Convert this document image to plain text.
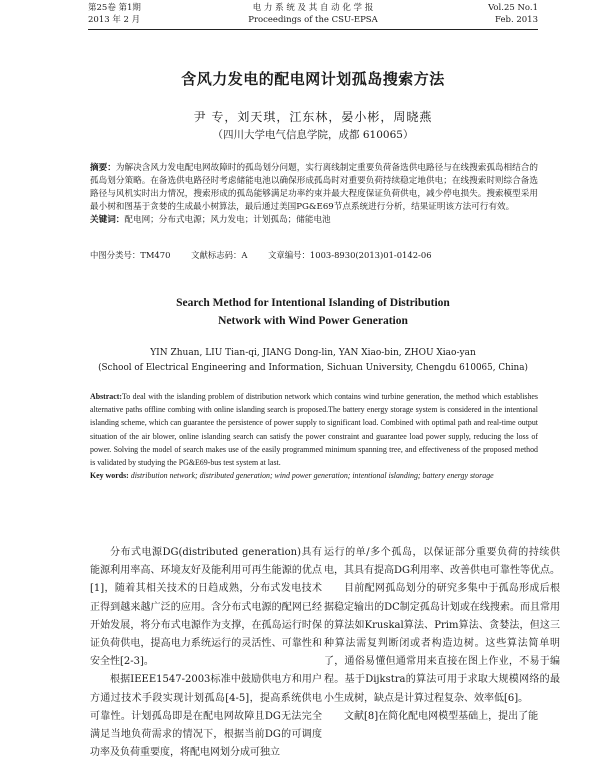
第25卷 第1期
2013 年 2 月
电 力 系 统 及 其 自 动 化 学 报
Proceedings of the CSU-EPSA
Vol.25 No.1
Feb. 2013
含风力发电的配电网计划孤岛搜索方法
尹 专，刘天琪，江东林，晏小彬，周晓燕
（四川大学电气信息学院，成都 610065）
摘要：为解决含风力发电配电网故障时的孤岛划分问题，实行离线制定重要负荷备选供电路径与在线搜索孤岛相结合的孤岛划分策略。在备选供电路径时考虑储能电池以确保形成孤岛时对重要负荷持续稳定地供电；在线搜索时则综合备选路径与风机实时出力情况，搜索形成的孤岛能够满足功率约束并最大程度保证负荷供电，减少停电损失。搜索模型采用最小树和图基于贪婪的生成最小树算法，最后通过美国PG&E69节点系统进行分析，结果证明该方法可行有效。
关键词：配电网；分布式电源；风力发电；计划孤岛；储能电池
中图分类号：TM470 文献标志码：A 文章编号：1003-8930(2013)01-0142-06
Search Method for Intentional Islanding of Distribution
Network with Wind Power Generation
YIN Zhuan, LIU Tian-qi, JIANG Dong-lin, YAN Xiao-bin, ZHOU Xiao-yan
(School of Electrical Engineering and Information, Sichuan University, Chengdu 610065, China)
Abstract:To deal with the islanding problem of distribution network which contains wind turbine generation, the method which establishes alternative paths offline combing with online islanding search is proposed.The battery energy storage system is considered in the intentional islanding scheme, which can guarantee the persistence of power supply to significant load. Combined with optimal path and real-time output situation of the air blower, online islanding search can satisfy the power constraint and guarantee load power supply, reducing the loss of power. Solving the model of search makes use of the easily programmed minimum spanning tree, and effectiveness of the proposed method is validated by studying the PG&E69-bus test system at last.
Key words: distribution network; distributed generation; wind power generation; intentional islanding; battery energy storage

分布式电源DG(distributed generation)具有能源利用率高、环境友好及能利用可再生能源的优点[1]，随着其相关技术的日趋成熟，分布式发电技术正得到越来越广泛的应用。含分布式电源的配网已经开始发展，将分布式电源作为支撑，在孤岛运行时保证负荷供电，提高电力系统运行的灵活性、可靠性和安全性[2-3]。

根据IEEE1547-2003标准中鼓励供电方和用户方通过技术手段实现计划孤岛[4-5]，提高系统供电可靠性。计划孤岛即是在配电网故障且DG无法完全满足当地负荷需求的情况下，根据当前DG的可调度功率及负荷重要度，将配电网划分成可独立

运行的单/多个孤岛，以保证部分重要负荷的持续供电，其具有提高DG利用率、改善供电可靠性等优点。

目前配网孤岛划分的研究多集中于孤岛形成后根据稳定输出的DC制定孤岛计划或在线搜索。而且常用的算法如Kruskal算法、Prim算法、贪婪法，但这三种算法需复判断闭或者构造边树。这些算法简单明了，通俗易懂但通常用来直接在图上作业，不易于编程。基于Dijkstra的算法可用于求取大规模网络的最小生成树，缺点是计算过程复杂、效率低[6]。

文献[8]在简化配电网模型基础上，提出了能
